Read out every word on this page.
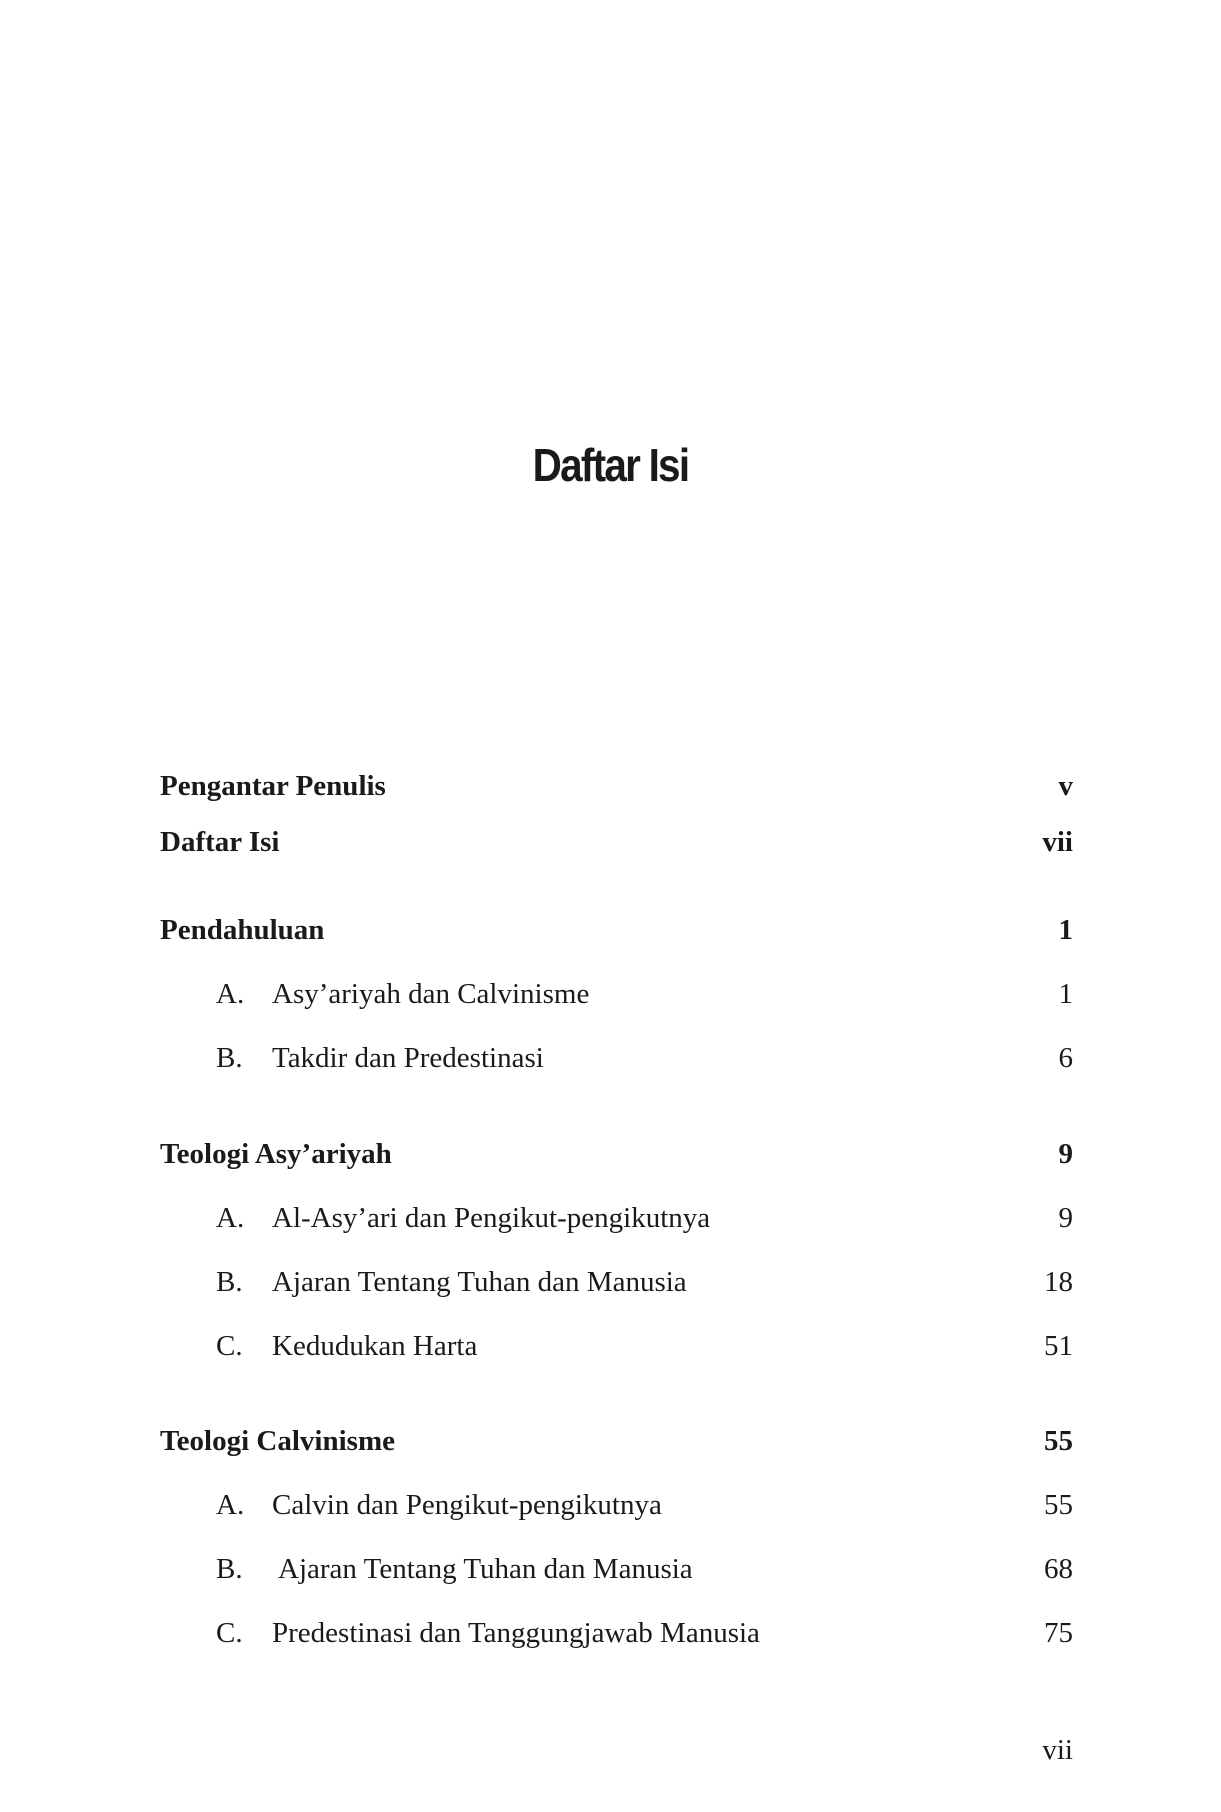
Daftar Isi
Pengantar Penulis	v
Daftar Isi	vii
Pendahuluan	1
A. Asy’ariyah dan Calvinisme	1
B. Takdir dan Predestinasi	6
Teologi Asy’ariyah	9
A. Al-Asy’ari dan Pengikut-pengikutnya	9
B. Ajaran Tentang Tuhan dan Manusia	18
C. Kedudukan Harta	51
Teologi Calvinisme	55
A. Calvin dan Pengikut-pengikutnya	55
B. Ajaran Tentang Tuhan dan Manusia	68
C. Predestinasi dan Tanggungjawab Manusia	75
vii
